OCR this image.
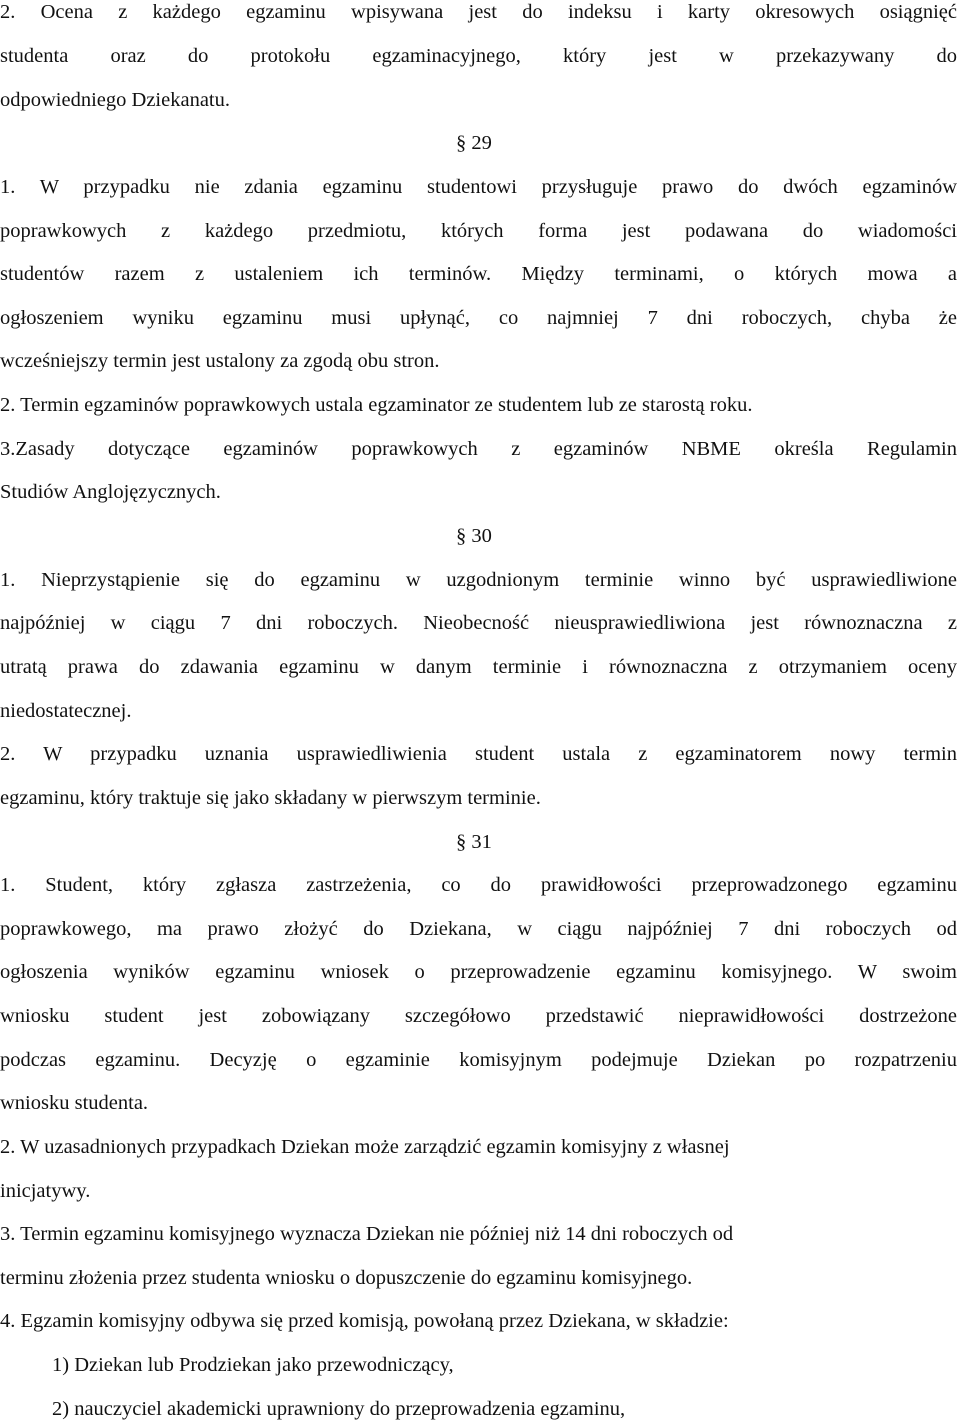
2. Ocena z każdego egzaminu wpisywana jest do indeksu i karty okresowych osiągnięć
studenta oraz do protokołu egzaminacyjnego, który jest w przekazywany do
odpowiedniego Dziekanatu.
§ 29
1. W przypadku nie zdania egzaminu studentowi przysługuje prawo do dwóch egzaminów
poprawkowych z każdego przedmiotu, których forma jest podawana do wiadomości
studentów razem z ustaleniem ich terminów. Między terminami, o których mowa a
ogłoszeniem wyniku egzaminu musi upłynąć, co najmniej 7 dni roboczych, chyba że
wcześniejszy termin jest ustalony za zgodą obu stron.
2. Termin egzaminów poprawkowych ustala egzaminator ze studentem lub ze starostą roku.
3.Zasady dotyczące egzaminów poprawkowych z egzaminów NBME określa Regulamin
Studiów Anglojęzycznych.
§ 30
1. Nieprzystąpienie się do egzaminu w uzgodnionym terminie winno być usprawiedliwione
najpóźniej w ciągu 7 dni roboczych. Nieobecność nieusprawiedliwiona jest równoznaczna z
utratą prawa do zdawania egzaminu w danym terminie i równoznaczna z otrzymaniem oceny
niedostatecznej.
2. W przypadku uznania usprawiedliwienia student ustala z egzaminatorem nowy termin
egzaminu, który traktuje się jako składany w pierwszym terminie.
§ 31
1. Student, który zgłasza zastrzeżenia, co do prawidłowości przeprowadzonego egzaminu
poprawkowego, ma prawo złożyć do Dziekana, w ciągu najpóźniej 7 dni roboczych od
ogłoszenia wyników egzaminu wniosek o przeprowadzenie egzaminu komisyjnego. W swoim
wniosku student jest zobowiązany szczegółowo przedstawić nieprawidłowości dostrzeżone
podczas egzaminu. Decyzję o egzaminie komisyjnym podejmuje Dziekan po rozpatrzeniu
wniosku studenta.
2. W uzasadnionych przypadkach Dziekan może zarządzić egzamin komisyjny z własnej
inicjatywy.
3. Termin egzaminu komisyjnego wyznacza Dziekan nie później niż 14 dni roboczych od
terminu złożenia przez studenta wniosku o dopuszczenie do egzaminu komisyjnego.
4. Egzamin komisyjny odbywa się przed komisją, powołaną przez Dziekana, w składzie:
1) Dziekan lub Prodziekan jako przewodniczący,
2) nauczyciel akademicki uprawniony do przeprowadzenia egzaminu,
